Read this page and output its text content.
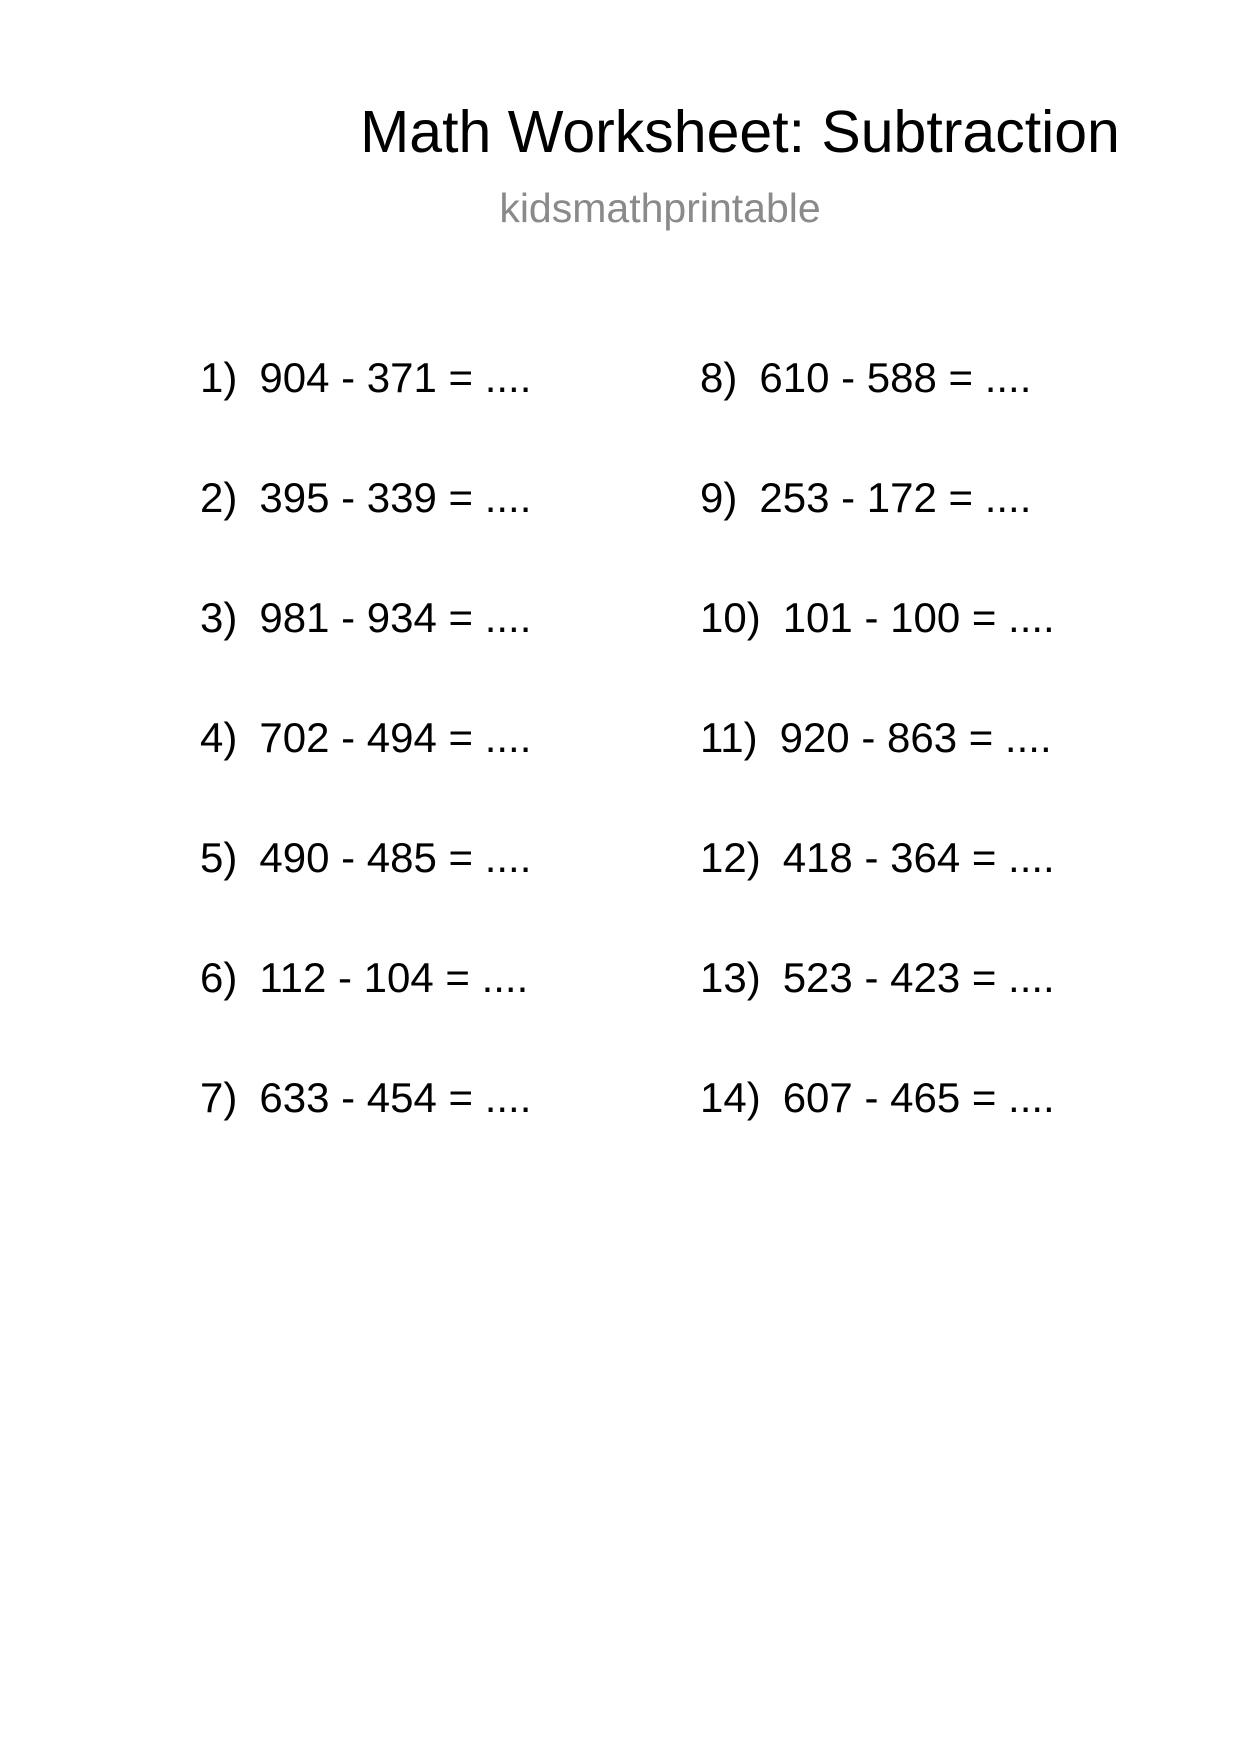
Math Worksheet: Subtraction
kidsmathprintable
1) 904 - 371 = ....
2) 395 - 339 = ....
3) 981 - 934 = ....
4) 702 - 494 = ....
5) 490 - 485 = ....
6) 112 - 104 = ....
7) 633 - 454 = ....
8) 610 - 588 = ....
9) 253 - 172 = ....
10) 101 - 100 = ....
11) 920 - 863 = ....
12) 418 - 364 = ....
13) 523 - 423 = ....
14) 607 - 465 = ....
